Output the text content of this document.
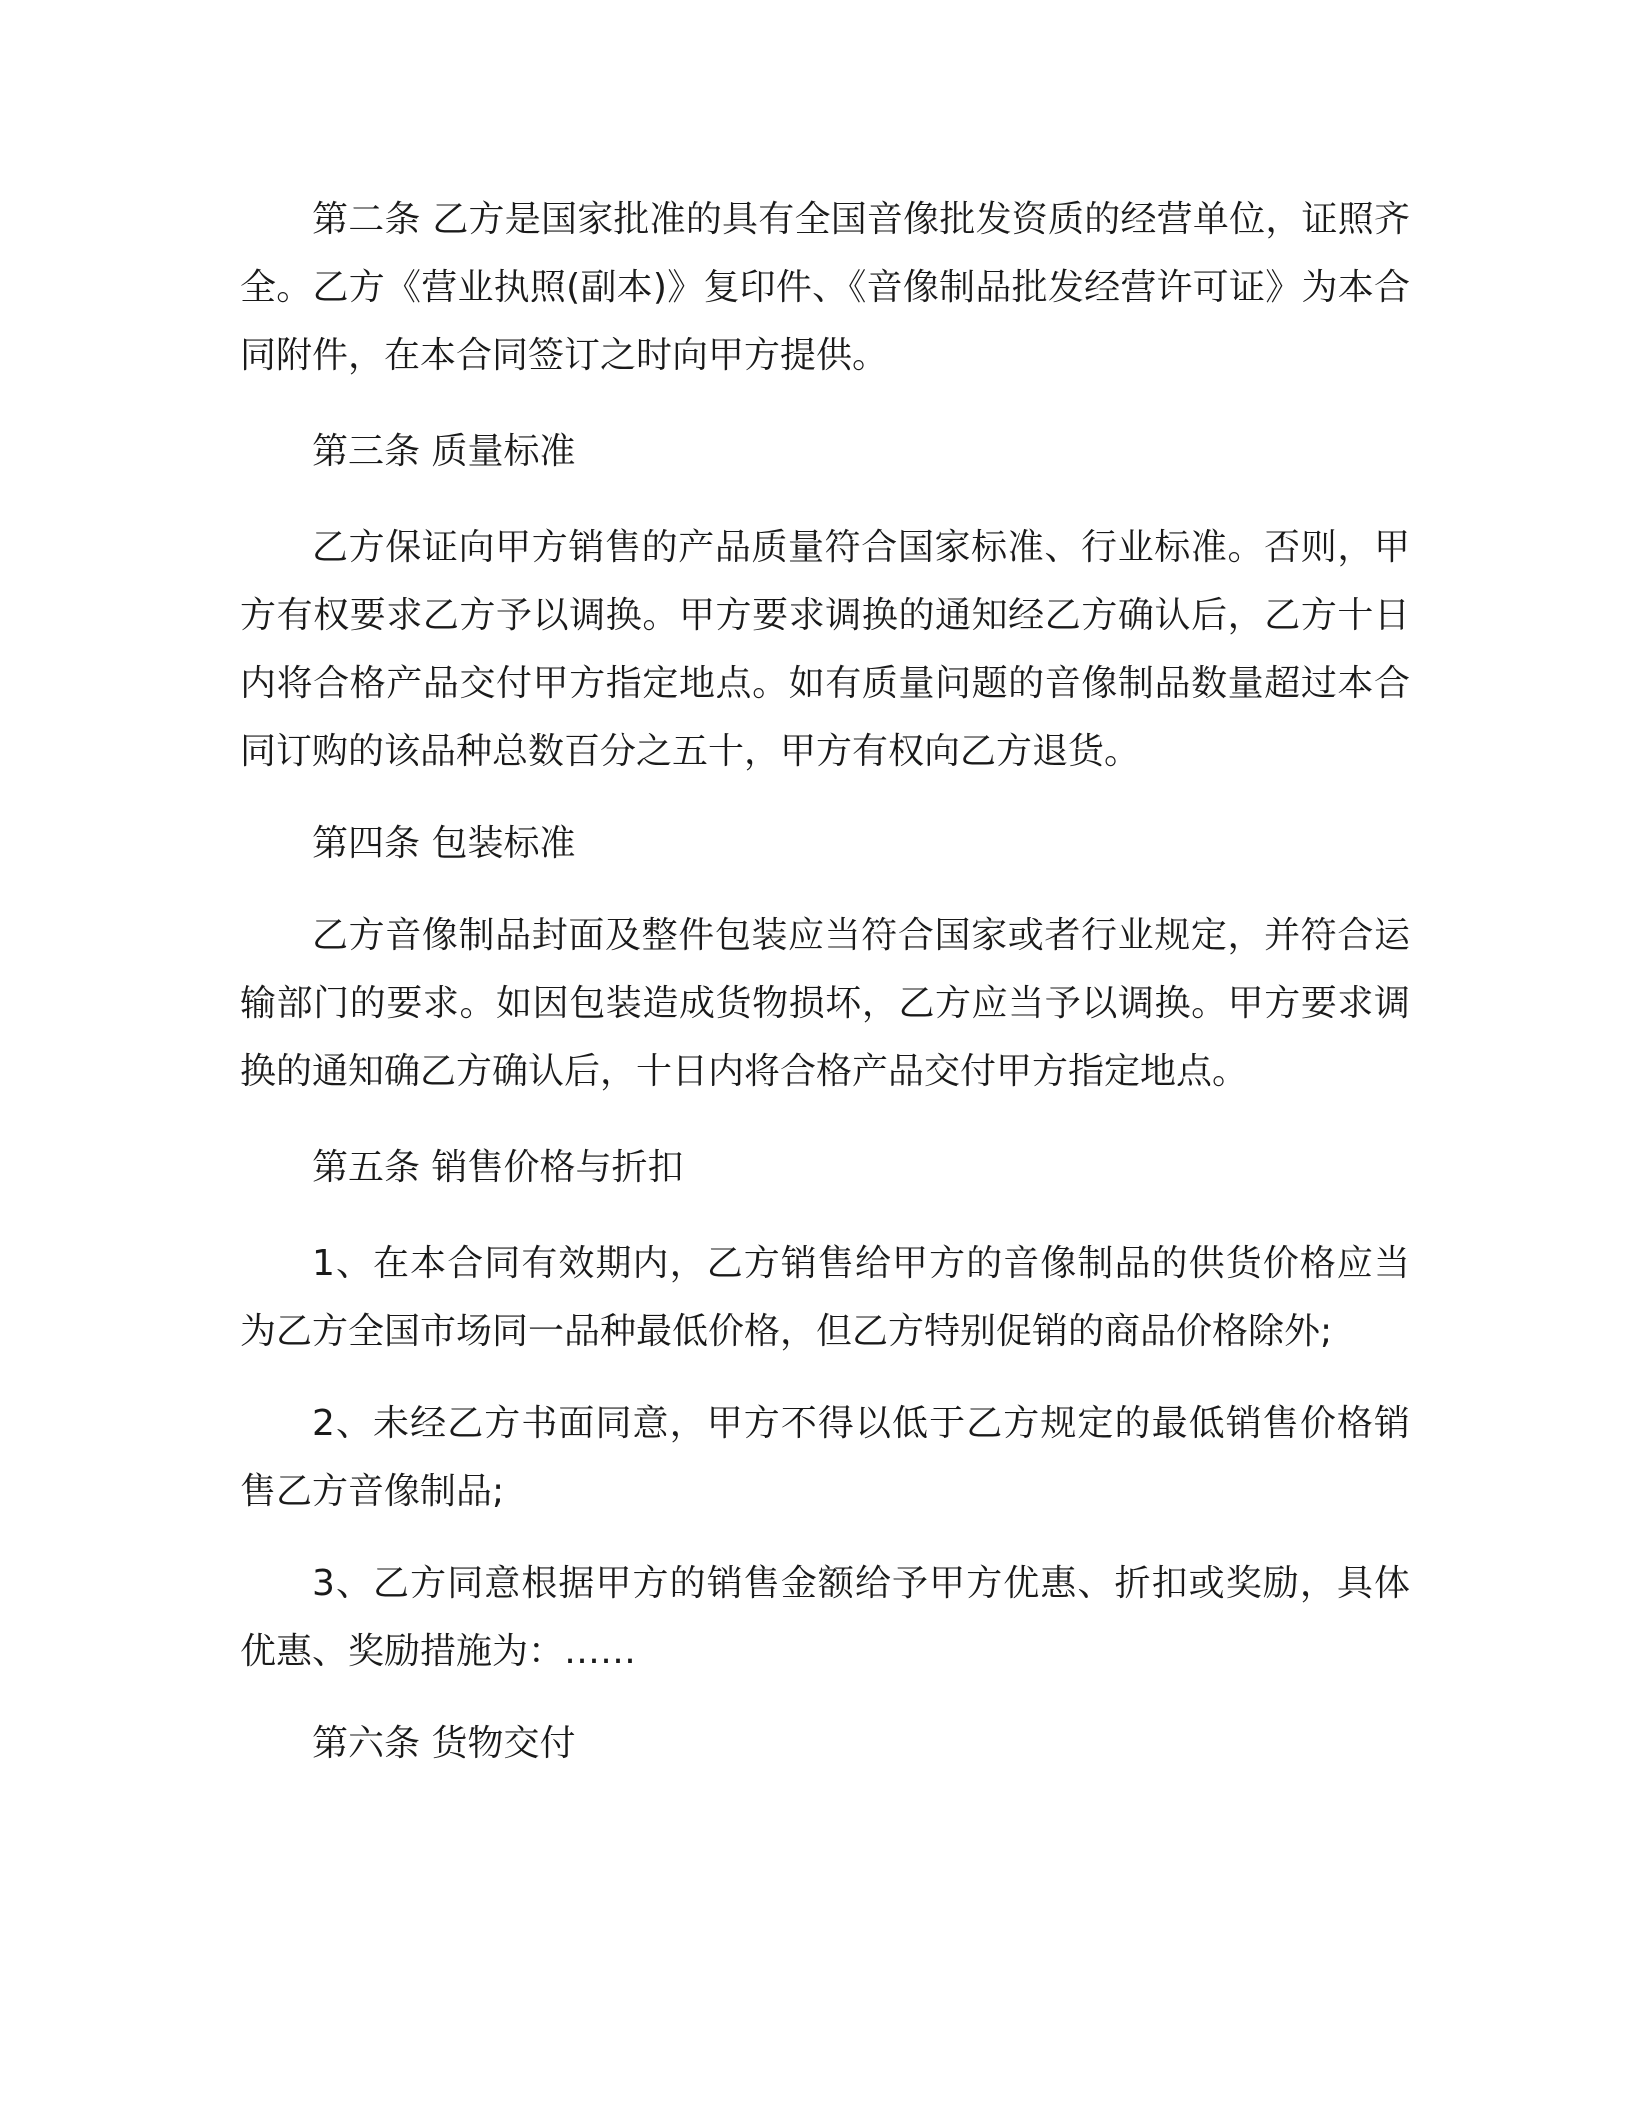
第二条 乙方是国家批准的具有全国音像批发资质的经营单位，证照齐全。乙方《营业执照(副本)》复印件、《音像制品批发经营许可证》为本合同附件，在本合同签订之时向甲方提供。

第三条 质量标准

乙方保证向甲方销售的产品质量符合国家标准、行业标准。否则，甲方有权要求乙方予以调换。甲方要求调换的通知经乙方确认后，乙方十日内将合格产品交付甲方指定地点。如有质量问题的音像制品数量超过本合同订购的该品种总数百分之五十，甲方有权向乙方退货。

第四条 包装标准

乙方音像制品封面及整件包装应当符合国家或者行业规定，并符合运输部门的要求。如因包装造成货物损坏，乙方应当予以调换。甲方要求调换的通知确乙方确认后，十日内将合格产品交付甲方指定地点。

第五条 销售价格与折扣

1、在本合同有效期内，乙方销售给甲方的音像制品的供货价格应当为乙方全国市场同一品种最低价格，但乙方特别促销的商品价格除外;

2、未经乙方书面同意，甲方不得以低于乙方规定的最低销售价格销售乙方音像制品;

3、乙方同意根据甲方的销售金额给予甲方优惠、折扣或奖励，具体优惠、奖励措施为：……

第六条 货物交付
